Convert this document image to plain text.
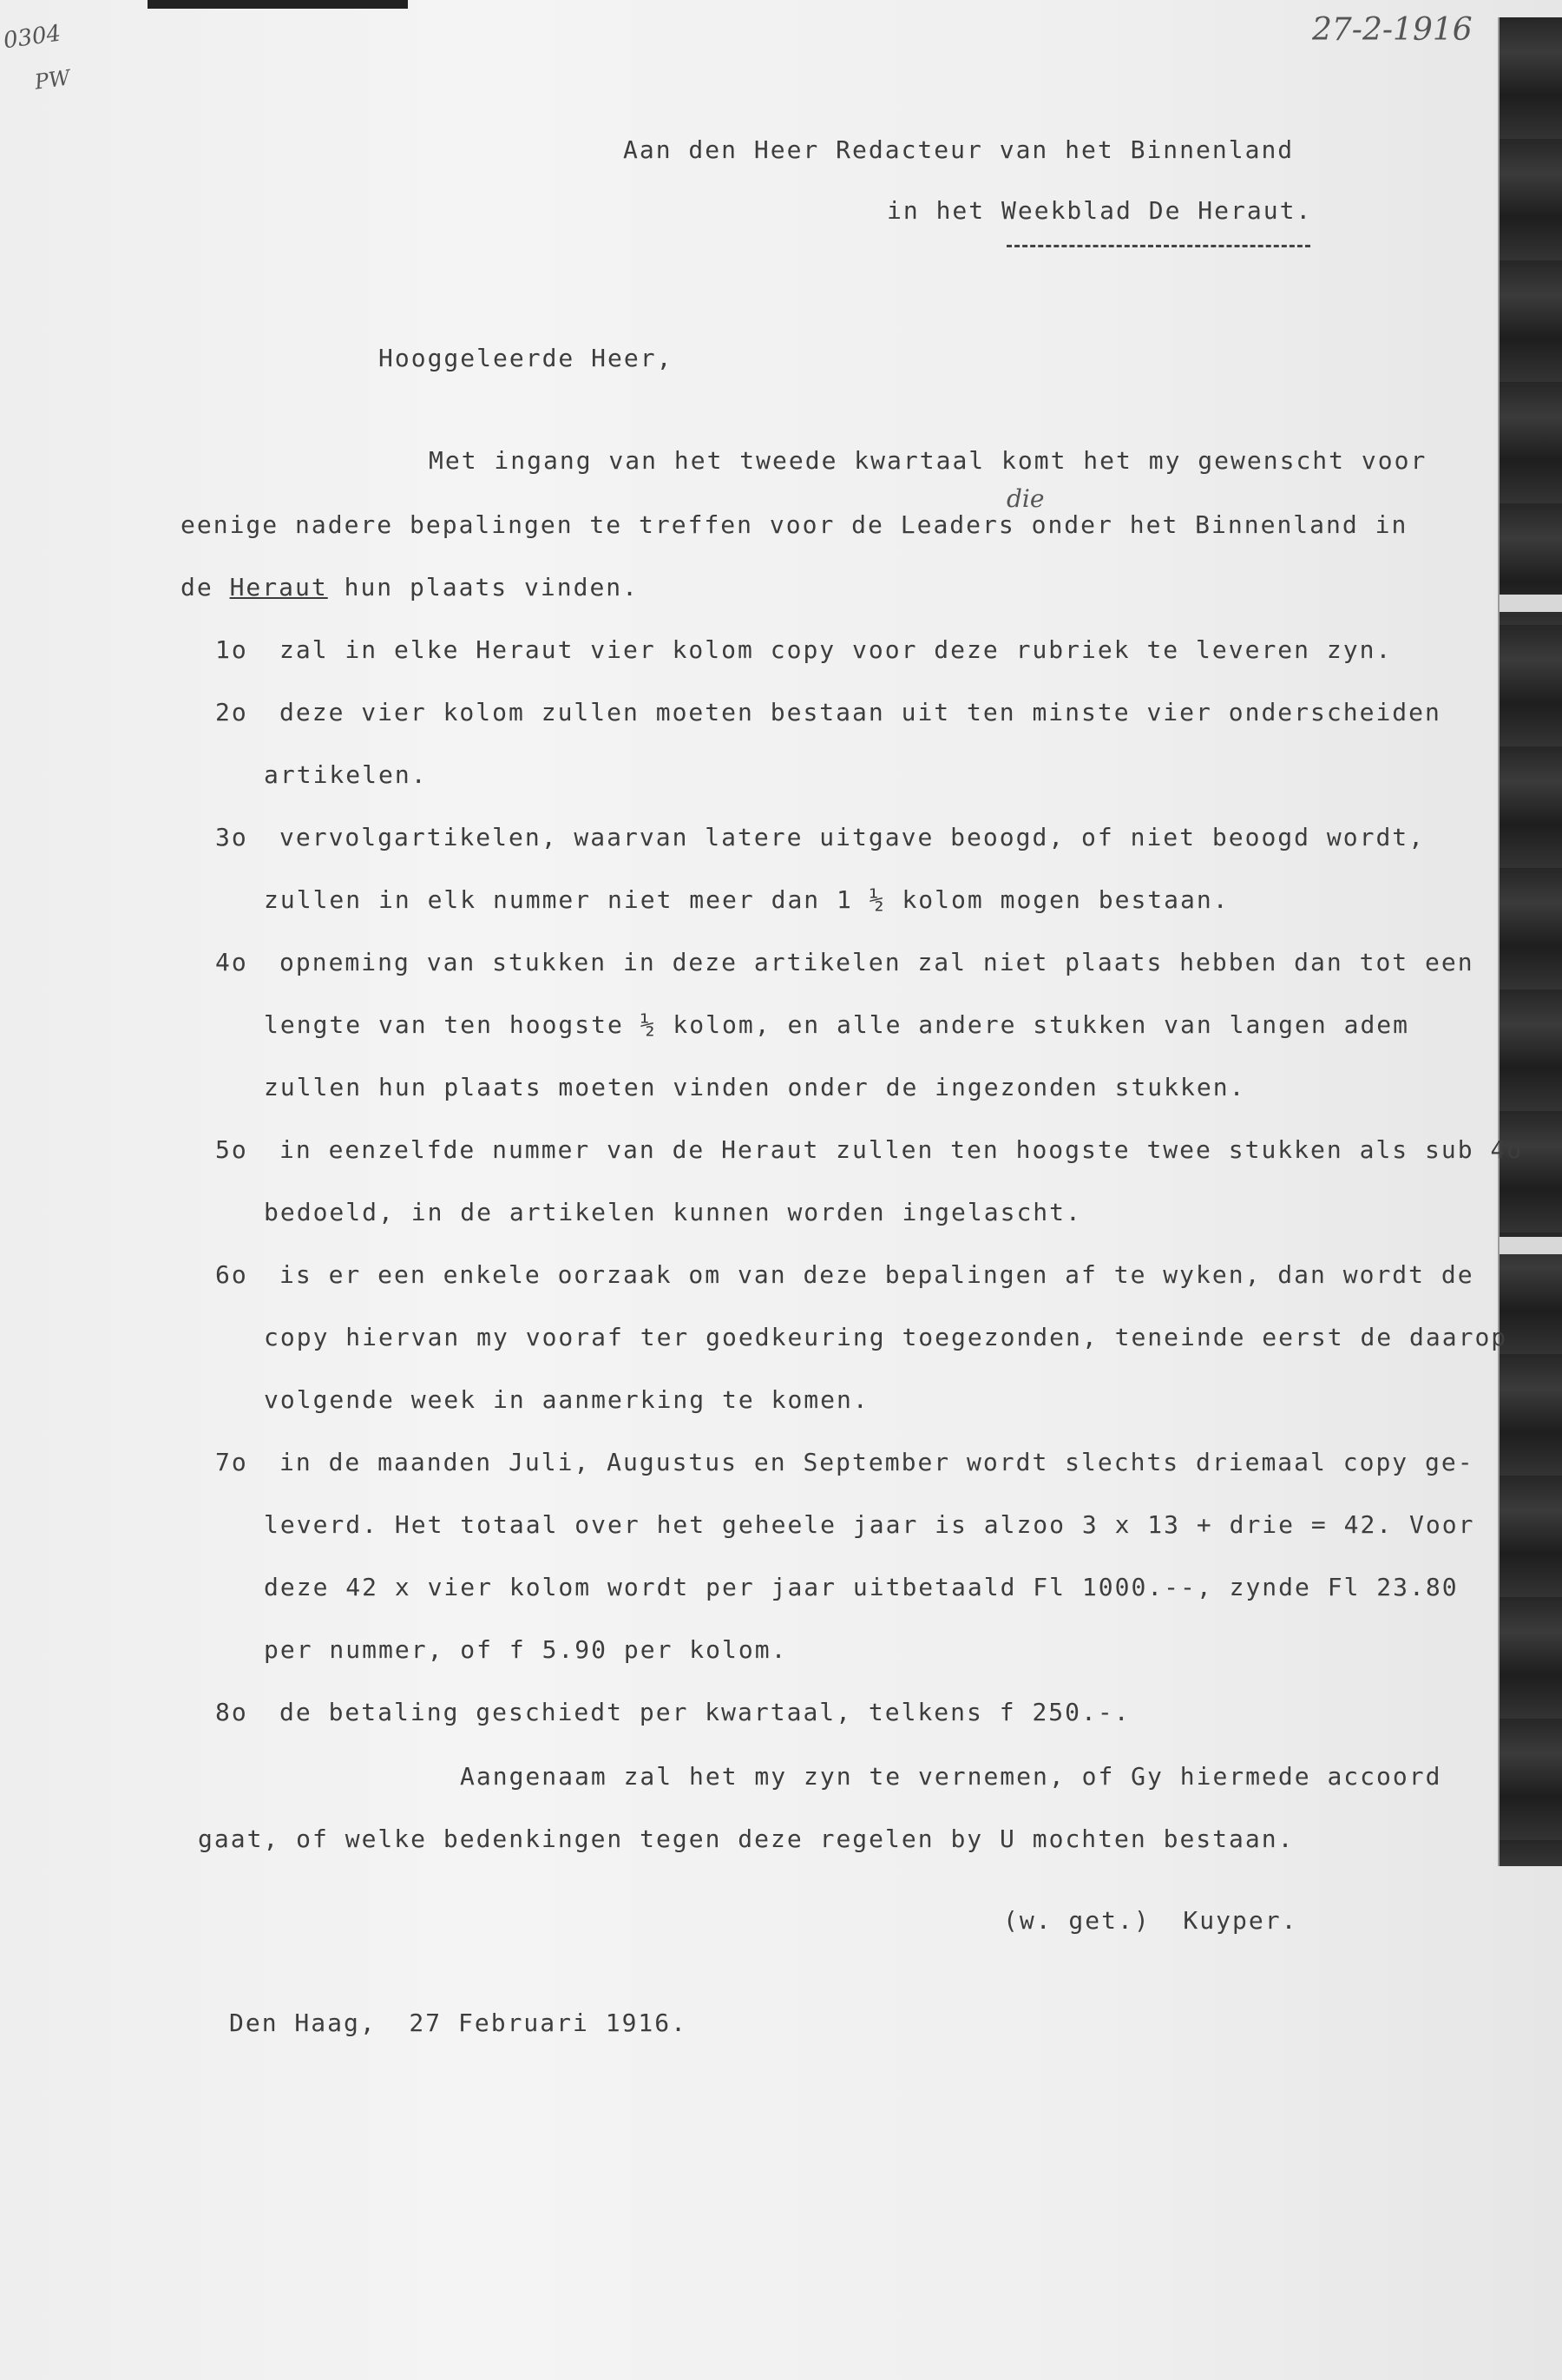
0304
PW
27-2-1916
Aan den Heer Redacteur van het Binnenland
in het Weekblad De Heraut.
Hooggeleerde Heer,
Met ingang van het tweede kwartaal komt het my gewenscht voor
die
eenige nadere bepalingen te treffen voor de Leaders onder het Binnenland in
de Heraut hun plaats vinden.
1o zal in elke Heraut vier kolom copy voor deze rubriek te leveren zyn.
2o deze vier kolom zullen moeten bestaan uit ten minste vier onderscheiden
artikelen.
3o vervolgartikelen, waarvan latere uitgave beoogd, of niet beoogd wordt,
zullen in elk nummer niet meer dan 1 ½ kolom mogen bestaan.
4o opneming van stukken in deze artikelen zal niet plaats hebben dan tot een
lengte van ten hoogste ½ kolom, en alle andere stukken van langen adem
zullen hun plaats moeten vinden onder de ingezonden stukken.
5o in eenzelfde nummer van de Heraut zullen ten hoogste twee stukken als sub 4o
bedoeld, in de artikelen kunnen worden ingelascht.
6o is er een enkele oorzaak om van deze bepalingen af te wyken, dan wordt de
copy hiervan my vooraf ter goedkeuring toegezonden, teneinde eerst de daarop
volgende week in aanmerking te komen.
7o in de maanden Juli, Augustus en September wordt slechts driemaal copy ge-
leverd. Het totaal over het geheele jaar is alzoo 3 x 13 + drie = 42. Voor
deze 42 x vier kolom wordt per jaar uitbetaald Fl 1000.--, zynde Fl 23.80
per nummer, of f 5.90 per kolom.
8o de betaling geschiedt per kwartaal, telkens f 250.-.
Aangenaam zal het my zyn te vernemen, of Gy hiermede accoord
gaat, of welke bedenkingen tegen deze regelen by U mochten bestaan.
(w. get.)  Kuyper.
Den Haag,  27 Februari 1916.
